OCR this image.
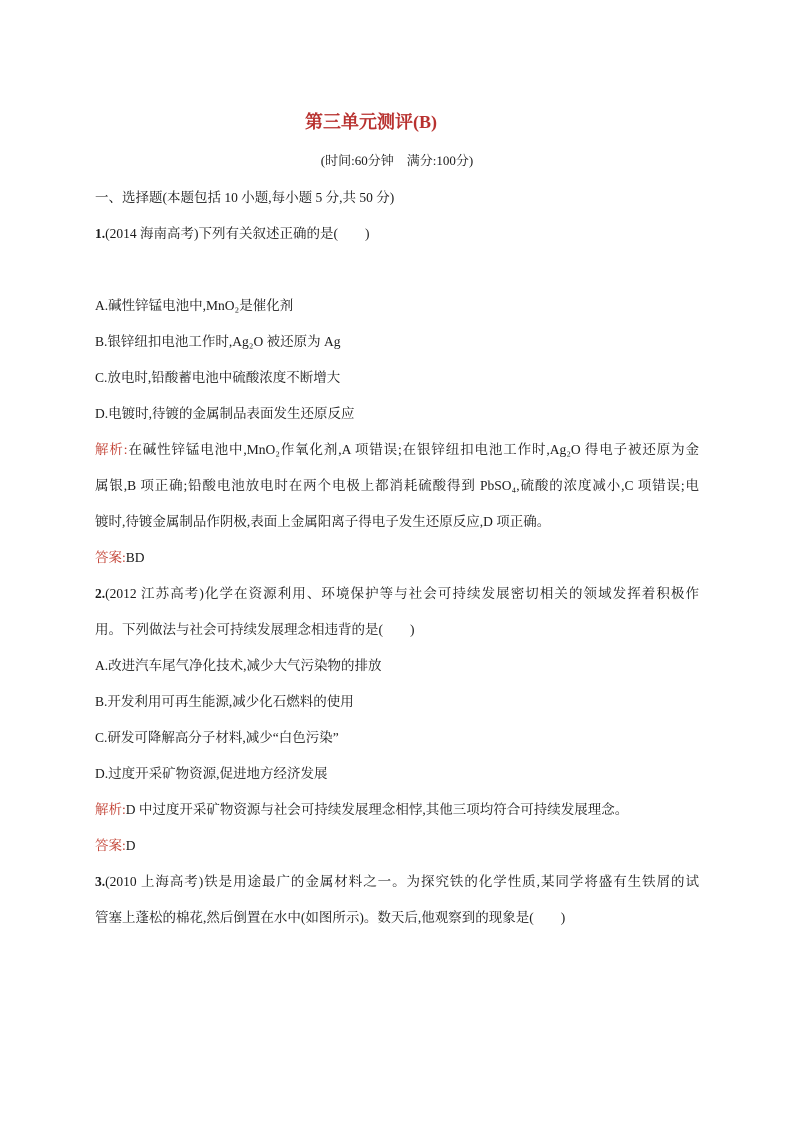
第三单元测评(B)
(时间:60分钟　满分:100分)
一、选择题(本题包括 10 小题,每小题 5 分,共 50 分)
1.(2014 海南高考)下列有关叙述正确的是(　　)
A.碱性锌锰电池中,MnO₂是催化剂
B.银锌纽扣电池工作时,Ag₂O 被还原为 Ag
C.放电时,铅酸蓄电池中硫酸浓度不断增大
D.电镀时,待镀的金属制品表面发生还原反应
解析:在碱性锌锰电池中,MnO₂作氧化剂,A 项错误;在银锌纽扣电池工作时,Ag₂O 得电子被还原为金
属银,B 项正确;铅酸电池放电时在两个电极上都消耗硫酸得到 PbSO₄,硫酸的浓度减小,C 项错误;电
镀时,待镀金属制品作阴极,表面上金属阳离子得电子发生还原反应,D 项正确。
答案:BD
2.(2012 江苏高考)化学在资源利用、环境保护等与社会可持续发展密切相关的领域发挥着积极作
用。下列做法与社会可持续发展理念相违背的是(　　)
A.改进汽车尾气净化技术,减少大气污染物的排放
B.开发利用可再生能源,减少化石燃料的使用
C.研发可降解高分子材料,减少“白色污染”
D.过度开采矿物资源,促进地方经济发展
解析:D 中过度开采矿物资源与社会可持续发展理念相悖,其他三项均符合可持续发展理念。
答案:D
3.(2010 上海高考)铁是用途最广的金属材料之一。为探究铁的化学性质,某同学将盛有生铁屑的试
管塞上蓬松的棉花,然后倒置在水中(如图所示)。数天后,他观察到的现象是(　　)
